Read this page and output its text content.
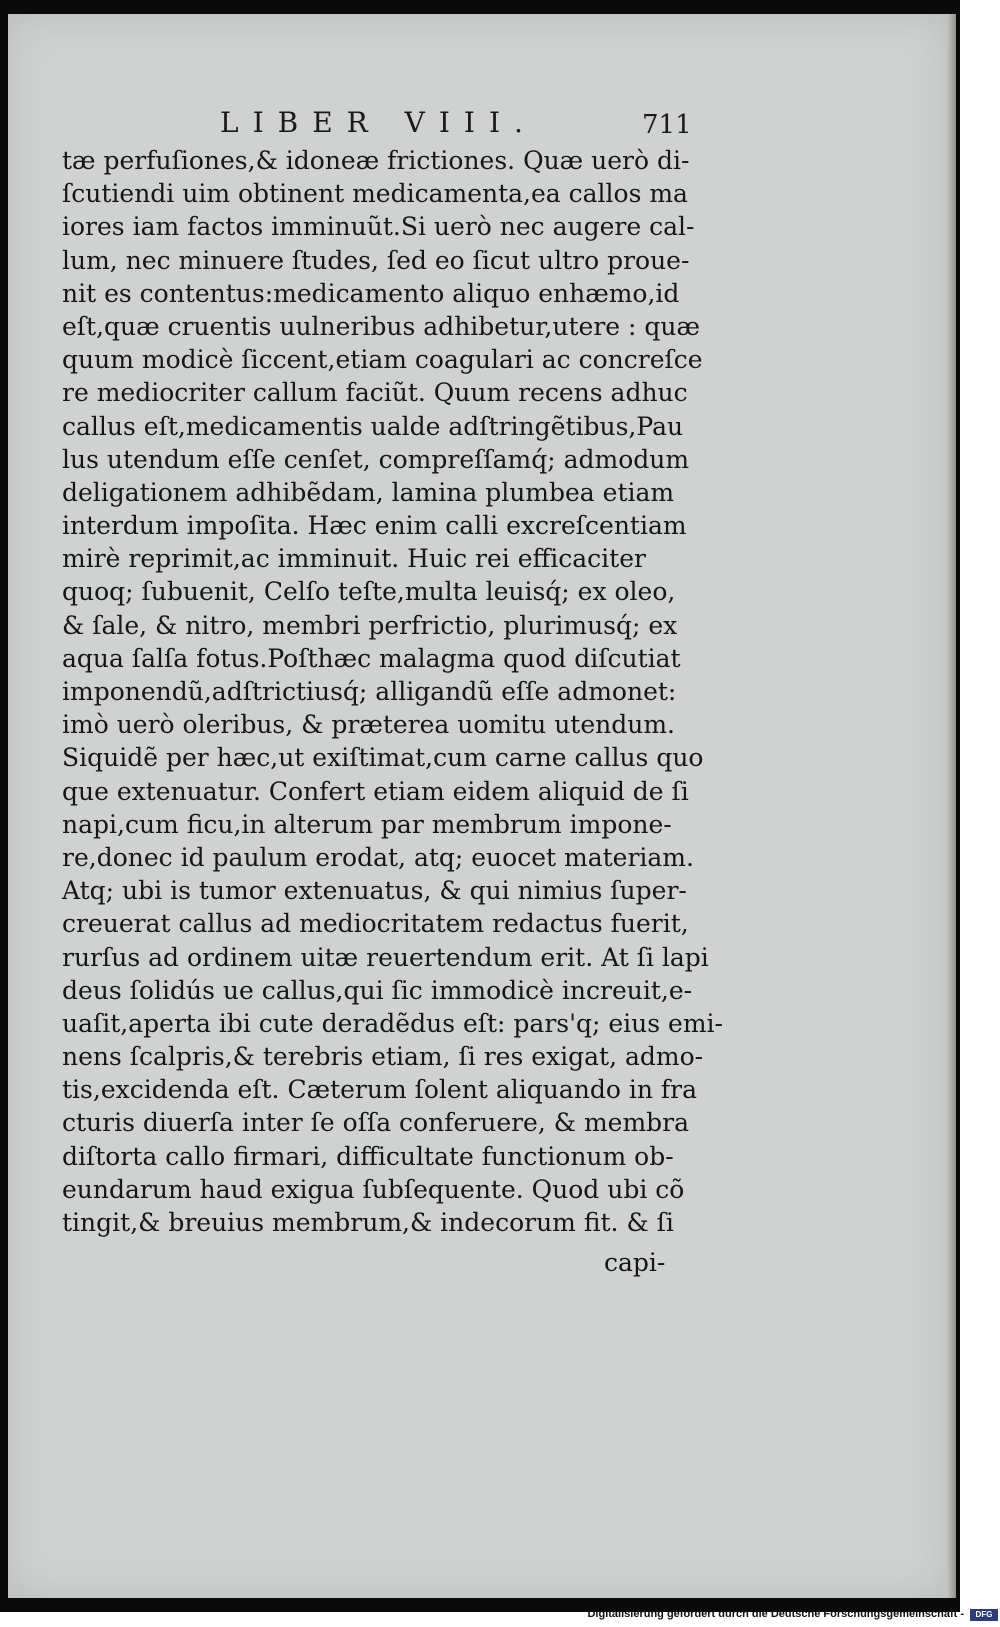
LIBER VIII.	711
tæ perfuſiones,& idoneæ frictiones. Quæ uerò di-
ſcutiendi uim obtinent medicamenta,ea callos ma
iores iam factos imminuũt.Si uerò nec augere cal-
lum, nec minuere ſtudes, ſed eo ſicut ultro proue-
nit es contentus:medicamento aliquo enhæmo,id
eſt,quæ cruentis uulneribus adhibetur,utere : quæ
quum modicè ſiccent,etiam coagulari ac concreſce
re mediocriter callum faciũt. Quum recens adhuc
callus eſt,medicamentis ualde adſtringẽtibus,Pau
lus utendum eſſe cenſet, compreſſamq́; admodum
deligationem adhibẽdam, lamina plumbea etiam
interdum impoſita. Hæc enim calli excreſcentiam
mirè reprimit,ac imminuit. Huic rei efficaciter
quoq; ſubuenit, Celſo teſte,multa leuisq́; ex oleo,
& ſale, & nitro, membri perfrictio, plurimusq́; ex
aqua ſalſa fotus.Poſthæc malagma quod diſcutiat
imponendũ,adſtrictiusq́; alligandũ eſſe admonet:
imò uerò oleribus, & præterea uomitu utendum.
Siquidẽ per hæc,ut exiſtimat,cum carne callus quo
que extenuatur. Confert etiam eidem aliquid de ſi
napi,cum ficu,in alterum par membrum impone-
re,donec id paulum erodat, atq; euocet materiam.
Atq; ubi is tumor extenuatus, & qui nimius ſuper-
creuerat callus ad mediocritatem redactus fuerit,
rurſus ad ordinem uitæ reuertendum erit. At ſi lapi
deus ſolidús ue callus,qui ſic immodicè increuit,e-
uaſit,aperta ibi cute deradẽdus eſt: pars'q; eius emi-
nens ſcalpris,& terebris etiam, ſi res exigat, admo-
tis,excidenda eſt. Cæterum ſolent aliquando in fra
cturis diuerſa inter ſe oſſa conferuere, & membra
diſtorta callo firmari, difficultate functionum ob-
eundarum haud exigua ſubſequente. Quod ubi cõ
tingit,& breuius membrum,& indecorum fit. & ſi
capi-
Digitalisierung gefördert durch die Deutsche Forschungsgemeinschaft -	DFG
